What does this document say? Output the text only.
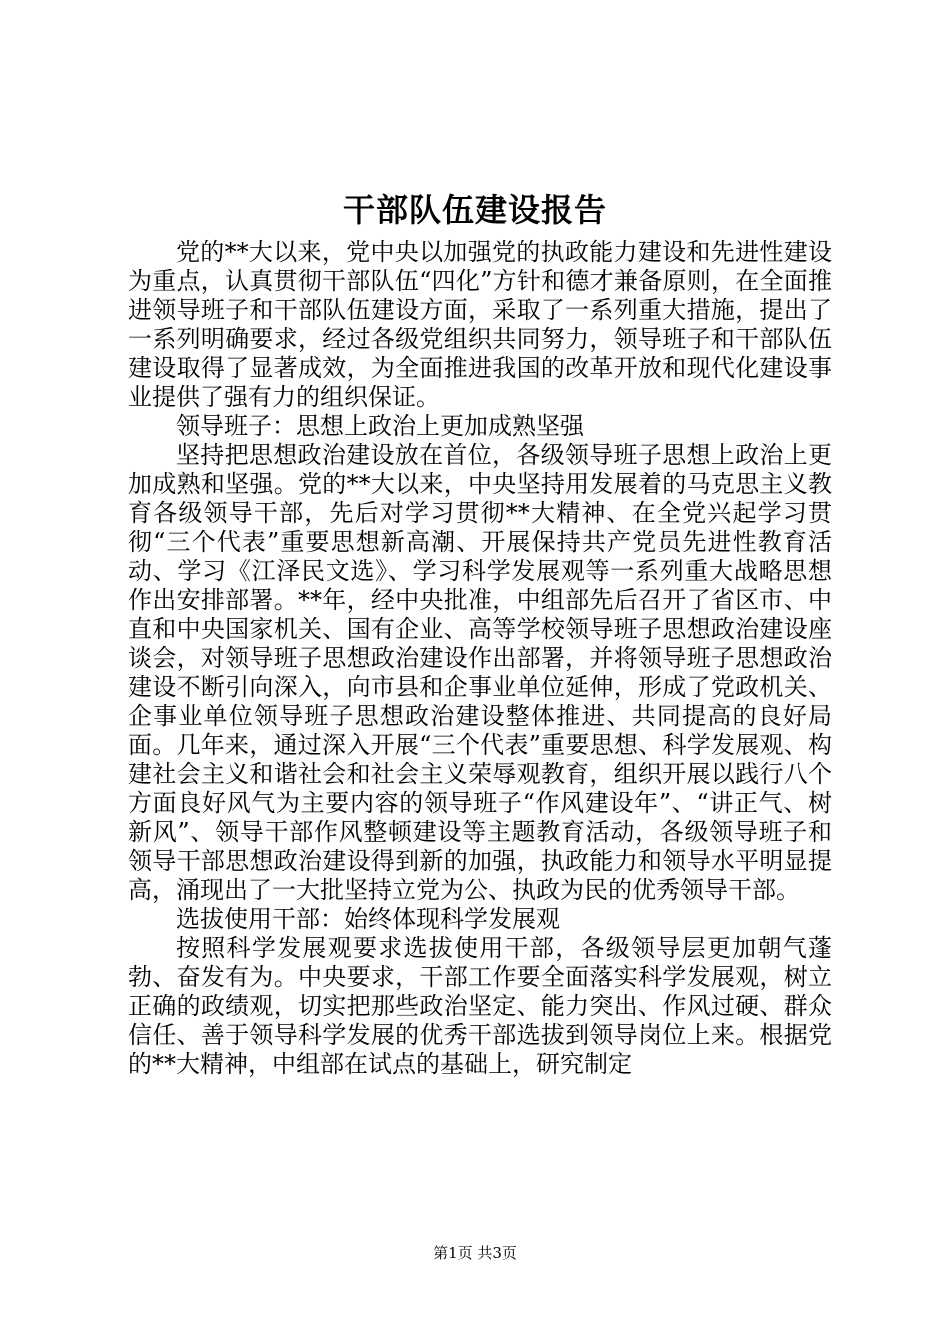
干部队伍建设报告

党的**大以来，党中央以加强党的执政能力建设和先进性建设为重点，认真贯彻干部队伍“四化”方针和德才兼备原则，在全面推进领导班子和干部队伍建设方面，采取了一系列重大措施，提出了一系列明确要求，经过各级党组织共同努力，领导班子和干部队伍建设取得了显著成效，为全面推进我国的改革开放和现代化建设事业提供了强有力的组织保证。

领导班子：思想上政治上更加成熟坚强

坚持把思想政治建设放在首位，各级领导班子思想上政治上更加成熟和坚强。党的**大以来，中央坚持用发展着的马克思主义教育各级领导干部，先后对学习贯彻**大精神、在全党兴起学习贯彻“三个代表”重要思想新高潮、开展保持共产党员先进性教育活动、学习《江泽民文选》、学习科学发展观等一系列重大战略思想作出安排部署。**年，经中央批准，中组部先后召开了省区市、中直和中央国家机关、国有企业、高等学校领导班子思想政治建设座谈会，对领导班子思想政治建设作出部署，并将领导班子思想政治建设不断引向深入，向市县和企事业单位延伸，形成了党政机关、企事业单位领导班子思想政治建设整体推进、共同提高的良好局面。几年来，通过深入开展“三个代表”重要思想、科学发展观、构建社会主义和谐社会和社会主义荣辱观教育，组织开展以践行八个方面良好风气为主要内容的领导班子“作风建设年”、“讲正气、树新风”、领导干部作风整顿建设等主题教育活动，各级领导班子和领导干部思想政治建设得到新的加强，执政能力和领导水平明显提高，涌现出了一大批坚持立党为公、执政为民的优秀领导干部。

选拔使用干部：始终体现科学发展观

按照科学发展观要求选拔使用干部，各级领导层更加朝气蓬勃、奋发有为。中央要求，干部工作要全面落实科学发展观，树立正确的政绩观，切实把那些政治坚定、能力突出、作风过硬、群众信任、善于领导科学发展的优秀干部选拔到领导岗位上来。根据党的**大精神，中组部在试点的基础上，研究制定

第1页 共3页
